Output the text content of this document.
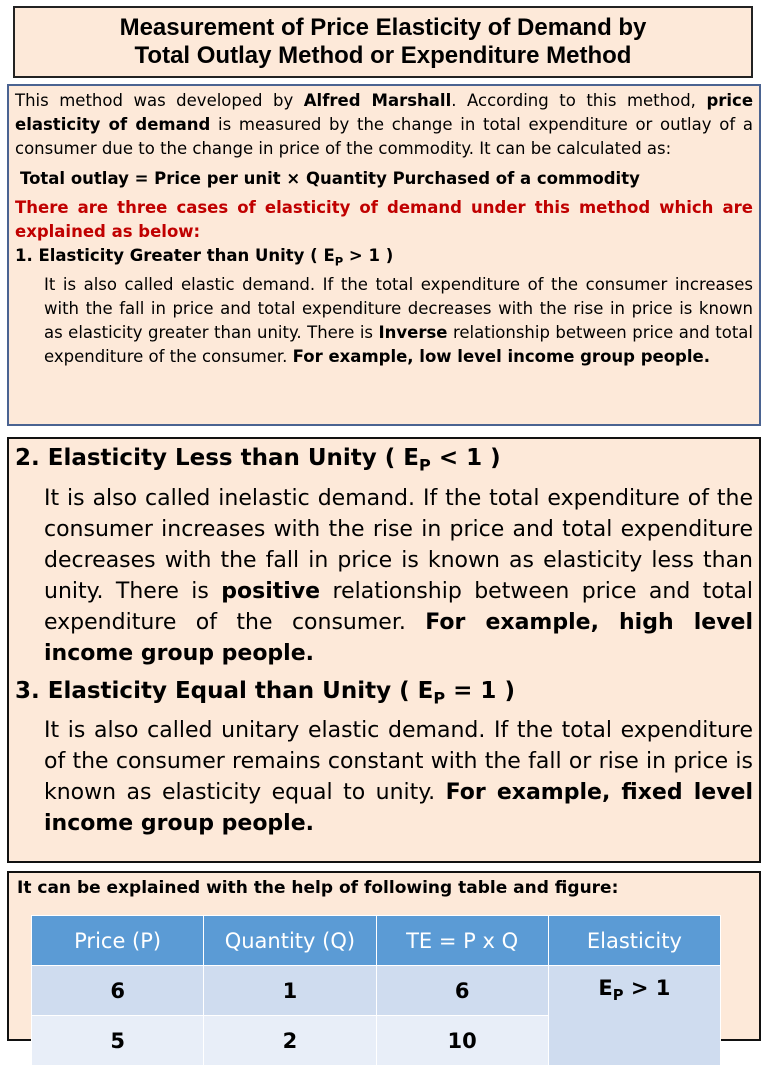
Measurement of Price Elasticity of Demand by
Total Outlay Method or Expenditure Method

This method was developed by Alfred Marshall. According to this method, price elasticity of demand is measured by the change in total expenditure or outlay of a consumer due to the change in price of the commodity. It can be calculated as:

Total outlay = Price per unit × Quantity Purchased of a commodity

There are three cases of elasticity of demand under this method which are explained as below:

1. Elasticity Greater than Unity ( $E_P > 1$ )

It is also called elastic demand. If the total expenditure of the consumer increases with the fall in price and total expenditure decreases with the rise in price is known as elasticity greater than unity. There is Inverse relationship between price and total expenditure of the consumer. For example, low level income group people.

2. Elasticity Less than Unity ( $E_P < 1$ )

It is also called inelastic demand. If the total expenditure of the consumer increases with the rise in price and total expenditure decreases with the fall in price is known as elasticity less than unity. There is positive relationship between price and total expenditure of the consumer. For example, high level income group people.

3. Elasticity Equal than Unity ( $E_P = 1$ )

It is also called unitary elastic demand. If the total expenditure of the consumer remains constant with the fall or rise in price is known as elasticity equal to unity. For example, fixed level income group people.

It can be explained with the help of following table and figure:
Price (P)	Quantity (Q)	TE = P x Q	Elasticity
6	1	6	$E_P > 1$
5	2	10	
